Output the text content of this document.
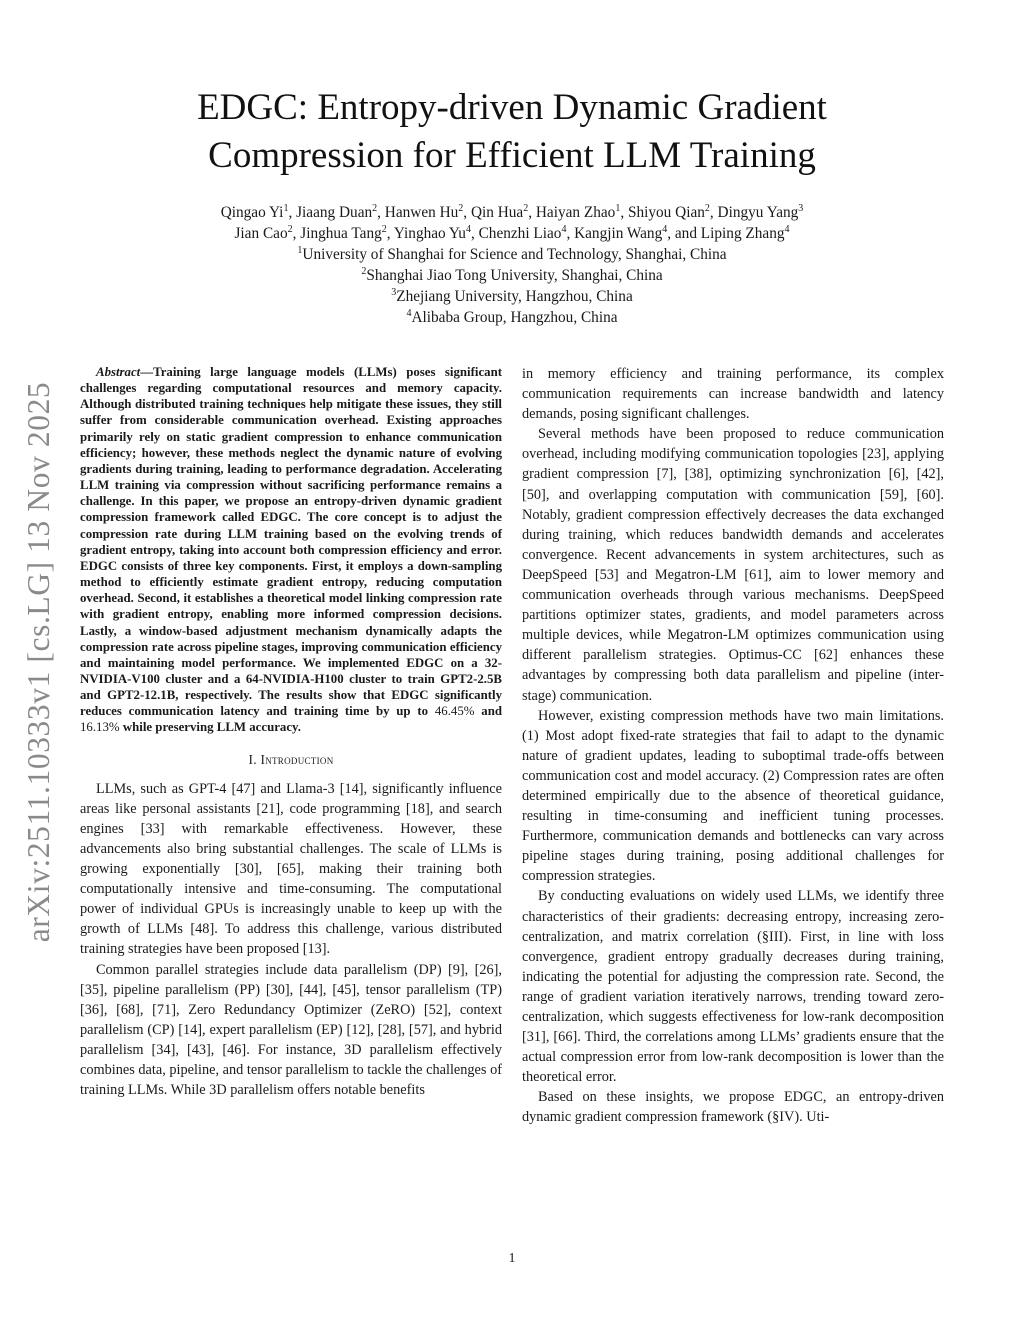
EDGC: Entropy-driven Dynamic Gradient
Compression for Efficient LLM Training
Qingao Yi$^1$, Jiaang Duan$^2$, Hanwen Hu$^2$, Qin Hua$^2$, Haiyan Zhao$^1$, Shiyou Qian$^2$, Dingyu Yang$^3$
Jian Cao$^2$, Jinghua Tang$^2$, Yinghao Yu$^4$, Chenzhi Liao$^4$, Kangjin Wang$^4$, and Liping Zhang$^4$
$^1$University of Shanghai for Science and Technology, Shanghai, China
$^2$Shanghai Jiao Tong University, Shanghai, China
$^3$Zhejiang University, Hangzhou, China
$^4$Alibaba Group, Hangzhou, China
arXiv:2511.10333v1 [cs.LG] 13 Nov 2025

Abstract—Training large language models (LLMs) poses significant challenges regarding computational resources and memory capacity. Although distributed training techniques help mitigate these issues, they still suffer from considerable communication overhead. Existing approaches primarily rely on static gradient compression to enhance communication efficiency; however, these methods neglect the dynamic nature of evolving gradients during training, leading to performance degradation. Accelerating LLM training via compression without sacrificing performance remains a challenge. In this paper, we propose an entropy-driven dynamic gradient compression framework called EDGC. The core concept is to adjust the compression rate during LLM training based on the evolving trends of gradient entropy, taking into account both compression efficiency and error. EDGC consists of three key components. First, it employs a down-sampling method to efficiently estimate gradient entropy, reducing computation overhead. Second, it establishes a theoretical model linking compression rate with gradient entropy, enabling more informed compression decisions. Lastly, a window-based adjustment mechanism dynamically adapts the compression rate across pipeline stages, improving communication efficiency and maintaining model performance. We implemented EDGC on a 32-NVIDIA-V100 cluster and a 64-NVIDIA-H100 cluster to train GPT2-2.5B and GPT2-12.1B, respectively. The results show that EDGC significantly reduces communication latency and training time by up to 46.45% and 16.13% while preserving LLM accuracy.

I. Introduction

LLMs, such as GPT-4 [47] and Llama-3 [14], significantly influence areas like personal assistants [21], code programming [18], and search engines [33] with remarkable effectiveness. However, these advancements also bring substantial challenges. The scale of LLMs is growing exponentially [30], [65], making their training both computationally intensive and time-consuming. The computational power of individual GPUs is increasingly unable to keep up with the growth of LLMs [48]. To address this challenge, various distributed training strategies have been proposed [13].

Common parallel strategies include data parallelism (DP) [9], [26], [35], pipeline parallelism (PP) [30], [44], [45], tensor parallelism (TP) [36], [68], [71], Zero Redundancy Optimizer (ZeRO) [52], context parallelism (CP) [14], expert parallelism (EP) [12], [28], [57], and hybrid parallelism [34], [43], [46]. For instance, 3D parallelism effectively combines data, pipeline, and tensor parallelism to tackle the challenges of training LLMs. While 3D parallelism offers notable benefits

in memory efficiency and training performance, its complex communication requirements can increase bandwidth and latency demands, posing significant challenges.

Several methods have been proposed to reduce communication overhead, including modifying communication topologies [23], applying gradient compression [7], [38], optimizing synchronization [6], [42], [50], and overlapping computation with communication [59], [60]. Notably, gradient compression effectively decreases the data exchanged during training, which reduces bandwidth demands and accelerates convergence. Recent advancements in system architectures, such as DeepSpeed [53] and Megatron-LM [61], aim to lower memory and communication overheads through various mechanisms. DeepSpeed partitions optimizer states, gradients, and model parameters across multiple devices, while Megatron-LM optimizes communication using different parallelism strategies. Optimus-CC [62] enhances these advantages by compressing both data parallelism and pipeline (inter-stage) communication.

However, existing compression methods have two main limitations. (1) Most adopt fixed-rate strategies that fail to adapt to the dynamic nature of gradient updates, leading to suboptimal trade-offs between communication cost and model accuracy. (2) Compression rates are often determined empirically due to the absence of theoretical guidance, resulting in time-consuming and inefficient tuning processes. Furthermore, communication demands and bottlenecks can vary across pipeline stages during training, posing additional challenges for compression strategies.

By conducting evaluations on widely used LLMs, we identify three characteristics of their gradients: decreasing entropy, increasing zero-centralization, and matrix correlation (§III). First, in line with loss convergence, gradient entropy gradually decreases during training, indicating the potential for adjusting the compression rate. Second, the range of gradient variation iteratively narrows, trending toward zero-centralization, which suggests effectiveness for low-rank decomposition [31], [66]. Third, the correlations among LLMs’ gradients ensure that the actual compression error from low-rank decomposition is lower than the theoretical error.

Based on these insights, we propose EDGC, an entropy-driven dynamic gradient compression framework (§IV). Uti-

1
